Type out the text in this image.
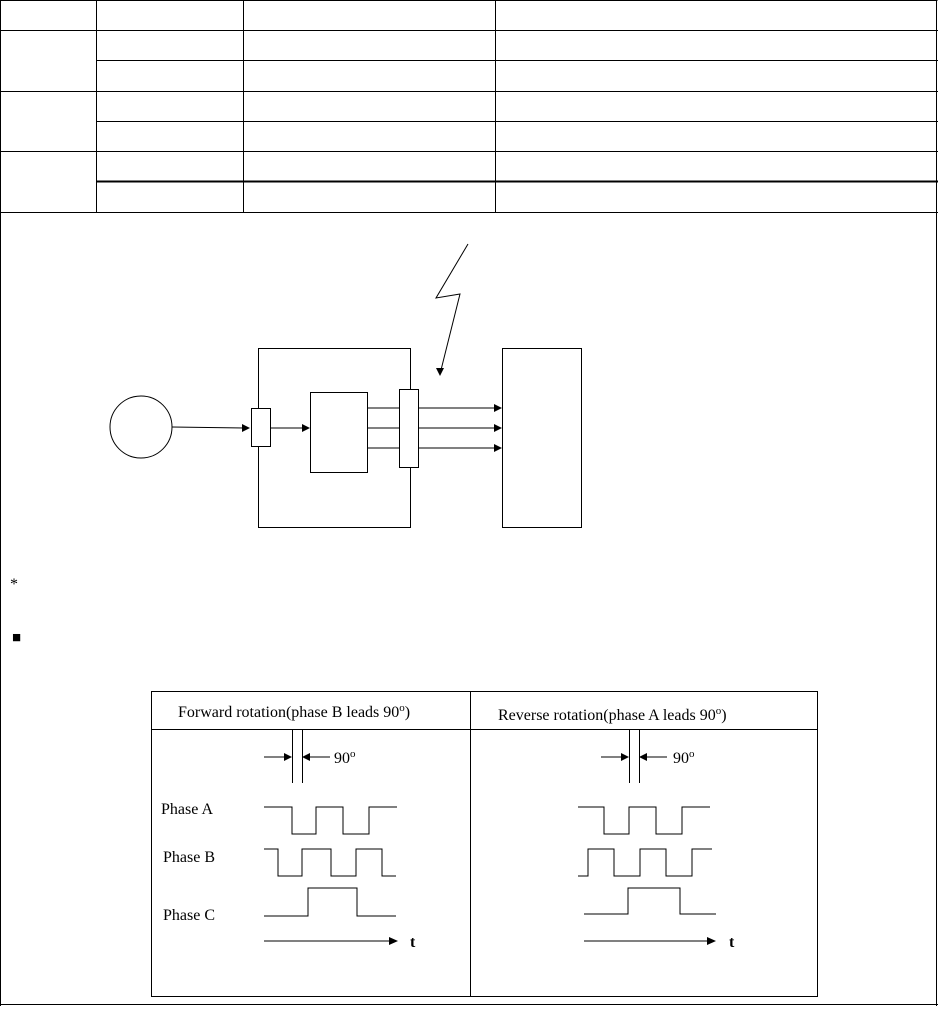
*
■
Forward rotation(phase B leads 90$^o$)	Reverse rotation(phase A leads 90$^o$)
90$^o$
Phase A
Phase B
Phase C
t
90$^o$
t
